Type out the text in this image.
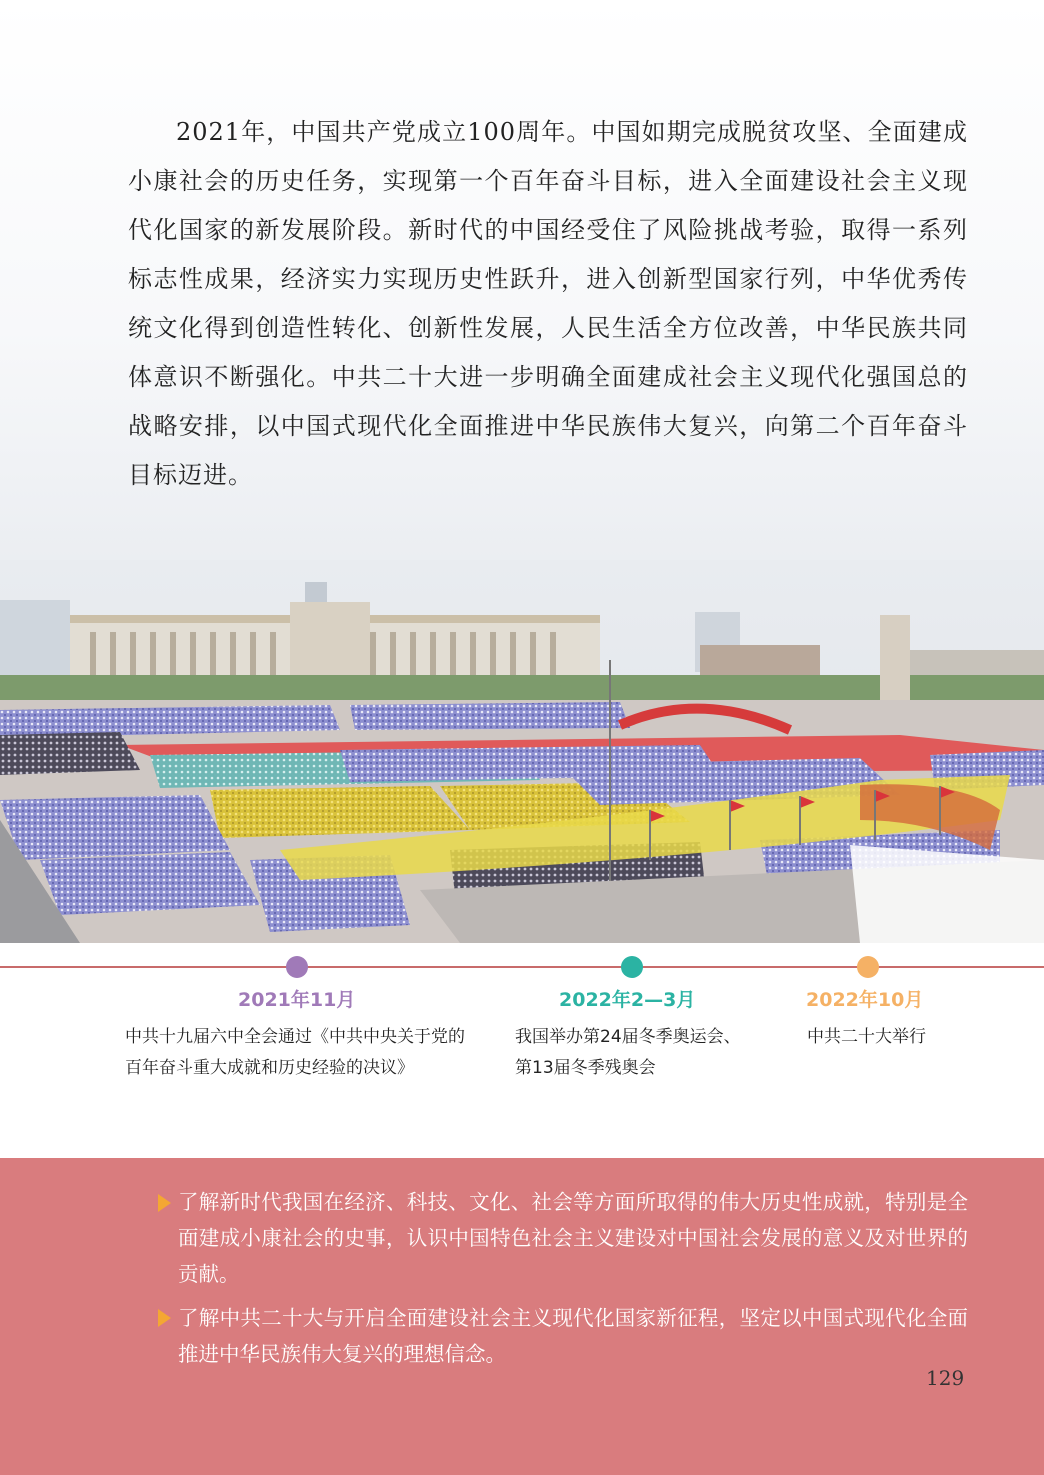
2021年，中国共产党成立100周年。中国如期完成脱贫攻坚、全面建成小康社会的历史任务，实现第一个百年奋斗目标，进入全面建设社会主义现代化国家的新发展阶段。新时代的中国经受住了风险挑战考验，取得一系列标志性成果，经济实力实现历史性跃升，进入创新型国家行列，中华优秀传统文化得到创造性转化、创新性发展，人民生活全方位改善，中华民族共同体意识不断强化。中共二十大进一步明确全面建成社会主义现代化强国总的战略安排，以中国式现代化全面推进中华民族伟大复兴，向第二个百年奋斗目标迈进。

2021年11月
中共十九届六中全会通过《中共中央关于党的
百年奋斗重大成就和历史经验的决议》
2022年2—3月
我国举办第24届冬季奥运会、
第13届冬季残奥会
2022年10月
中共二十大举行

了解新时代我国在经济、科技、文化、社会等方面所取得的伟大历史性成就，特别是全面建成小康社会的史事，认识中国特色社会主义建设对中国社会发展的意义及对世界的贡献。

了解中共二十大与开启全面建设社会主义现代化国家新征程，坚定以中国式现代化全面推进中华民族伟大复兴的理想信念。

129
